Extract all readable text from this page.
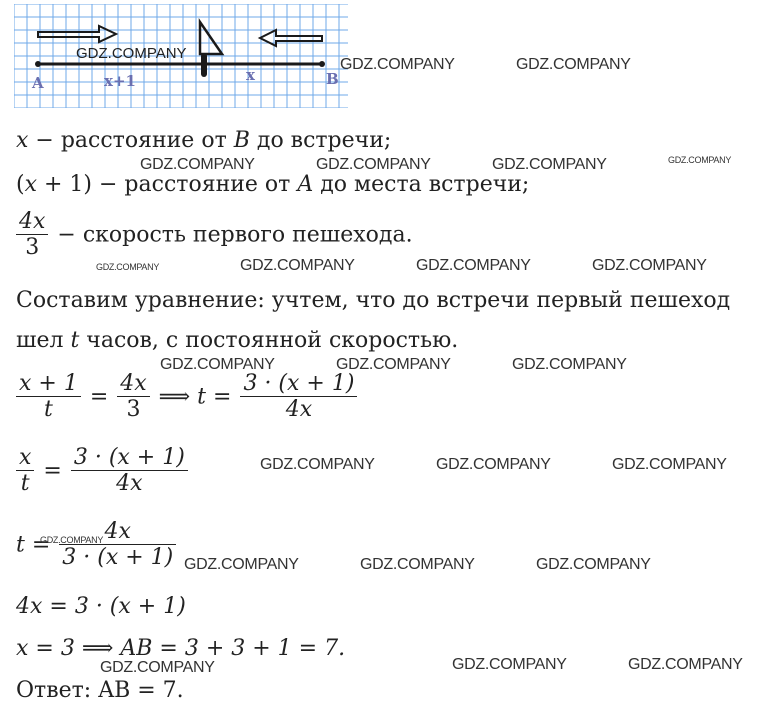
A	x+1	x	B
GDZ.COMPANY
x − расстояние от B до встречи;
(x + 1) − расстояние от A до места встречи;
$\frac{4x}{3}$ − скорость первого пешехода.
Составим уравнение: учтем, что до встречи первый пешеход
шел t часов, с постоянной скоростью.
$\frac{x + 1}{t} = \frac{4x}{3}$ ⟹ $t = \frac{3 \cdot (x + 1)}{4x}$
$\frac{x}{t} = \frac{3 \cdot (x + 1)}{4x}$
$t = \frac{4x}{3 \cdot (x + 1)}$
4x = 3 · (x + 1)
x = 3 ⟹ AB = 3 + 3 + 1 = 7.
Ответ: AB = 7.
GDZ.COMPANY	GDZ.COMPANY
GDZ.COMPANY	GDZ.COMPANY	GDZ.COMPANY	GDZ.COMPANY
GDZ.COMPANY	GDZ.COMPANY	GDZ.COMPANY	GDZ.COMPANY
GDZ.COMPANY	GDZ.COMPANY	GDZ.COMPANY
GDZ.COMPANY	GDZ.COMPANY	GDZ.COMPANY
GDZ.COMPANY
GDZ.COMPANY	GDZ.COMPANY	GDZ.COMPANY
GDZ.COMPANY	GDZ.COMPANY	GDZ.COMPANY
